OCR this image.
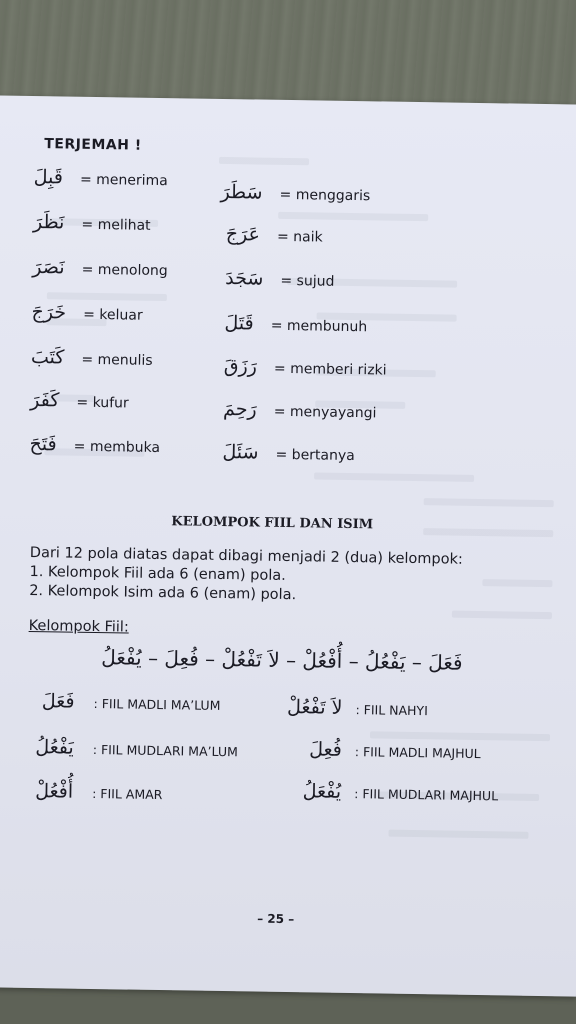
TERJEMAH !
قَبِلَ = menerima
نَظَرَ = melihat
نَصَرَ = menolong
خَرَجَ = keluar
كَتَبَ = menulis
كَفَرَ = kufur
فَتَحَ = membuka
سَطَرَ = menggaris
عَرَجَ = naik
سَجَدَ = sujud
قَتَلَ = membunuh
رَزَقَ = memberi rizki
رَحِمَ = menyayangi
سَئَلَ = bertanya
KELOMPOK FIIL DAN ISIM
Dari 12 pola diatas dapat dibagi menjadi 2 (dua) kelompok:
1. Kelompok Fiil ada 6 (enam) pola.
2. Kelompok Isim ada 6 (enam) pola.
Kelompok Fiil:
فَعَلَ – يَفْعُلُ – أُفْعُلْ – لاَ تَفْعُلْ – فُعِلَ – يُفْعَلُ
فَعَلَ : FIIL MADLI MA’LUM
يَفْعُلُ : FIIL MUDLARI MA’LUM
أُفْعُلْ : FIIL AMAR
لاَ تَفْعُلْ : FIIL NAHYI
فُعِلَ : FIIL MADLI MAJHUL
يُفْعَلُ : FIIL MUDLARI MAJHUL
– 25 –
